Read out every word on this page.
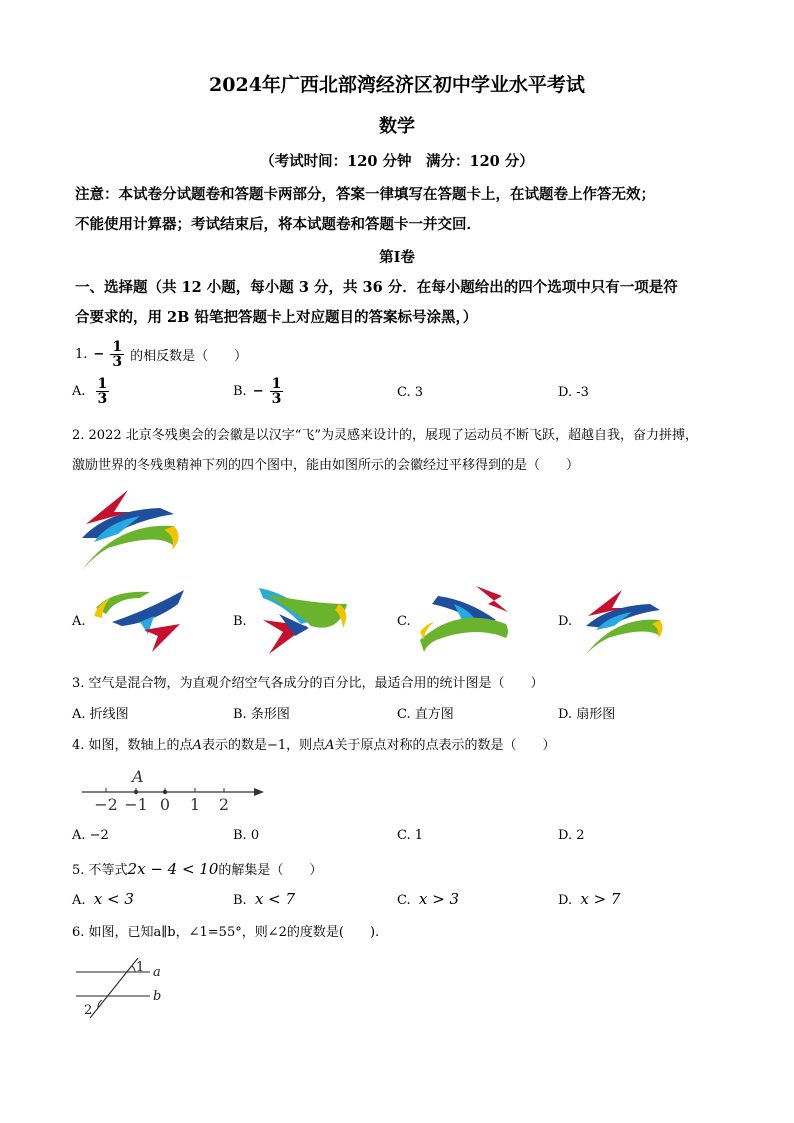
2024年广西北部湾经济区初中学业水平考试
数学
（考试时间：120 分钟　满分：120 分）
注意：本试卷分试题卷和答题卡两部分，答案一律填写在答题卡上，在试题卷上作答无效；
不能使用计算器；考试结束后，将本试题卷和答题卡一并交回．
第Ⅰ卷
一、选择题（共 12 小题，每小题 3 分，共 36 分．在每小题给出的四个选项中只有一项是符
合要求的，用 2B 铅笔把答题卡上对应题目的答案标号涂黑，）
1. − $\frac{1}{3}$ 的相反数是（　　）
A. $\frac{1}{3}$	B. − $\frac{1}{3}$	C. 3	D. -3
2. 2022 北京冬残奥会的会徽是以汉字“飞”为灵感来设计的，展现了运动员不断飞跃，超越自我，奋力拼搏，
激励世界的冬残奥精神下列的四个图中，能由如图所示的会徽经过平移得到的是（　　）
A.	B.	C.	D.
3. 空气是混合物，为直观介绍空气各成分的百分比，最适合用的统计图是（　　）
A. 折线图	B. 条形图	C. 直方图	D. 扇形图
4. 如图，数轴上的点A表示的数是−1，则点A关于原点对称的点表示的数是（　　）
A
−2 −1 0 1 2
A. −2	B. 0	C. 1	D. 2
5. 不等式2x − 4 < 10的解集是（　　）
A. x < 3	B. x < 7	C. x > 3	D. x > 7
6. 如图，已知a∥b，∠1=55°，则∠2的度数是(　　).
1
2
a
b
